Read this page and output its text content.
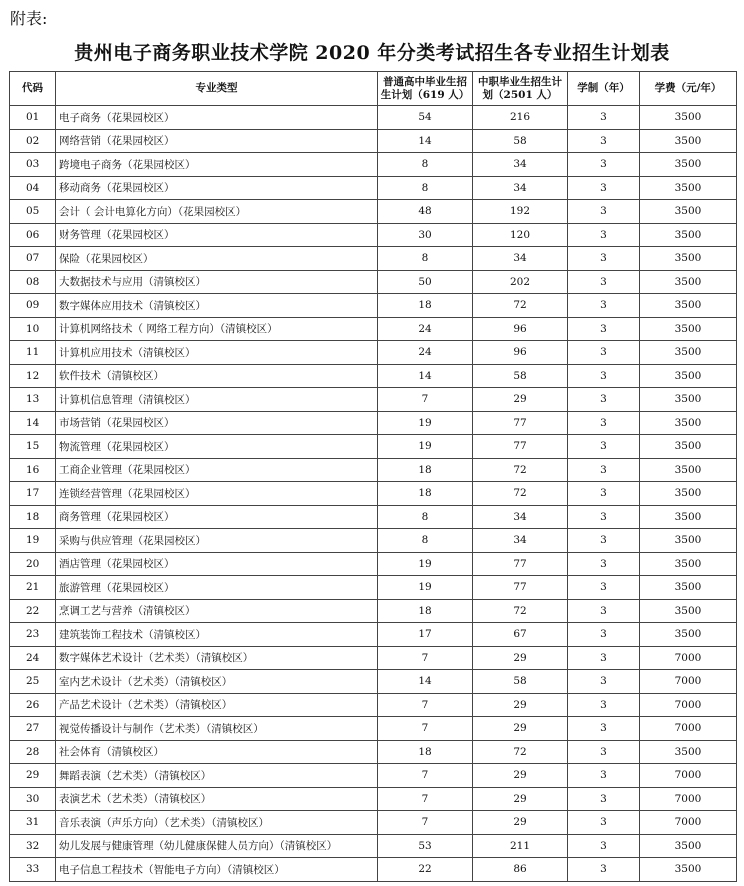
附表:
贵州电子商务职业技术学院 2020 年分类考试招生各专业招生计划表
代码	专业类型	普通高中毕业生招生计划（619 人）	中职毕业生招生计划（2501 人）	学制（年）	学费（元/年）
01	电子商务（花果园校区）	54	216	3	3500
02	网络营销（花果园校区）	14	58	3	3500
03	跨境电子商务（花果园校区）	8	34	3	3500
04	移动商务（花果园校区）	8	34	3	3500
05	会计（ 会计电算化方向）（花果园校区）	48	192	3	3500
06	财务管理（花果园校区）	30	120	3	3500
07	保险（花果园校区）	8	34	3	3500
08	大数据技术与应用（清镇校区）	50	202	3	3500
09	数字媒体应用技术（清镇校区）	18	72	3	3500
10	计算机网络技术（ 网络工程方向）（清镇校区）	24	96	3	3500
11	计算机应用技术（清镇校区）	24	96	3	3500
12	软件技术（清镇校区）	14	58	3	3500
13	计算机信息管理（清镇校区）	7	29	3	3500
14	市场营销（花果园校区）	19	77	3	3500
15	物流管理（花果园校区）	19	77	3	3500
16	工商企业管理（花果园校区）	18	72	3	3500
17	连锁经营管理（花果园校区）	18	72	3	3500
18	商务管理（花果园校区）	8	34	3	3500
19	采购与供应管理（花果园校区）	8	34	3	3500
20	酒店管理（花果园校区）	19	77	3	3500
21	旅游管理（花果园校区）	19	77	3	3500
22	烹调工艺与营养（清镇校区）	18	72	3	3500
23	建筑装饰工程技术（清镇校区）	17	67	3	3500
24	数字媒体艺术设计（艺术类）（清镇校区）	7	29	3	7000
25	室内艺术设计（艺术类）（清镇校区）	14	58	3	7000
26	产品艺术设计（艺术类）（清镇校区）	7	29	3	7000
27	视觉传播设计与制作（艺术类）（清镇校区）	7	29	3	7000
28	社会体育（清镇校区）	18	72	3	3500
29	舞蹈表演（艺术类）（清镇校区）	7	29	3	7000
30	表演艺术（艺术类）（清镇校区）	7	29	3	7000
31	音乐表演（声乐方向）（艺术类）（清镇校区）	7	29	3	7000
32	幼儿发展与健康管理（幼儿健康保健人员方向）（清镇校区）	53	211	3	3500
33	电子信息工程技术（智能电子方向）（清镇校区）	22	86	3	3500
